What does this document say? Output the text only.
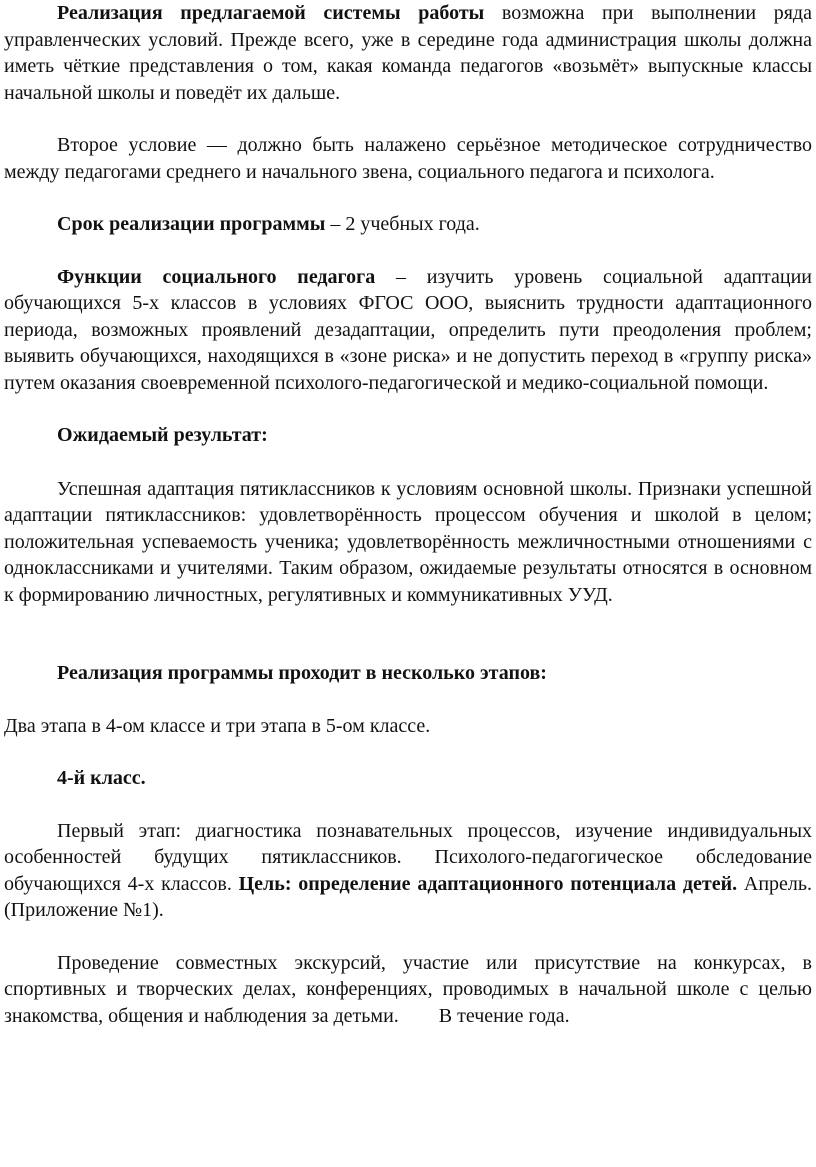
Реализация предлагаемой системы работы возможна при выполнении ряда управленческих условий. Прежде всего, уже в середине года администрация школы должна иметь чёткие представления о том, какая команда педагогов «возьмёт» выпускные классы начальной школы и поведёт их дальше.

Второе условие — должно быть налажено серьёзное методическое сотрудничество между педагогами среднего и начального звена, социального педагога и психолога.

Срок реализации программы – 2 учебных года.

Функции социального педагога – изучить уровень социальной адаптации обучающихся 5-х классов в условиях ФГОС ООО, выяснить трудности адаптационного периода, возможных проявлений дезадаптации, определить пути преодоления проблем; выявить обучающихся, находящихся в «зоне риска» и не допустить переход в «группу риска» путем оказания своевременной психолого-педагогической и медико-социальной помощи.

Ожидаемый результат:

Успешная адаптация пятиклассников к условиям основной школы. Признаки успешной адаптации пятиклассников: удовлетворённость процессом обучения и школой в целом; положительная успеваемость ученика; удовлетворённость межличностными отношениями с одноклассниками и учителями. Таким образом, ожидаемые результаты относятся в основном к формированию личностных, регулятивных и коммуникативных УУД.

Реализация программы проходит в несколько этапов:

Два этапа в 4-ом классе и три этапа в 5-ом классе.

4-й класс.

Первый этап: диагностика познавательных процессов, изучение индивидуальных особенностей будущих пятиклассников. Психолого-педагогическое обследование обучающихся 4-х классов. Цель: определение адаптационного потенциала детей. Апрель. (Приложение №1).

Проведение совместных экскурсий, участие или присутствие на конкурсах, в спортивных и творческих делах, конференциях, проводимых в начальной школе с целью знакомства, общения и наблюдения за детьми. В течение года.
